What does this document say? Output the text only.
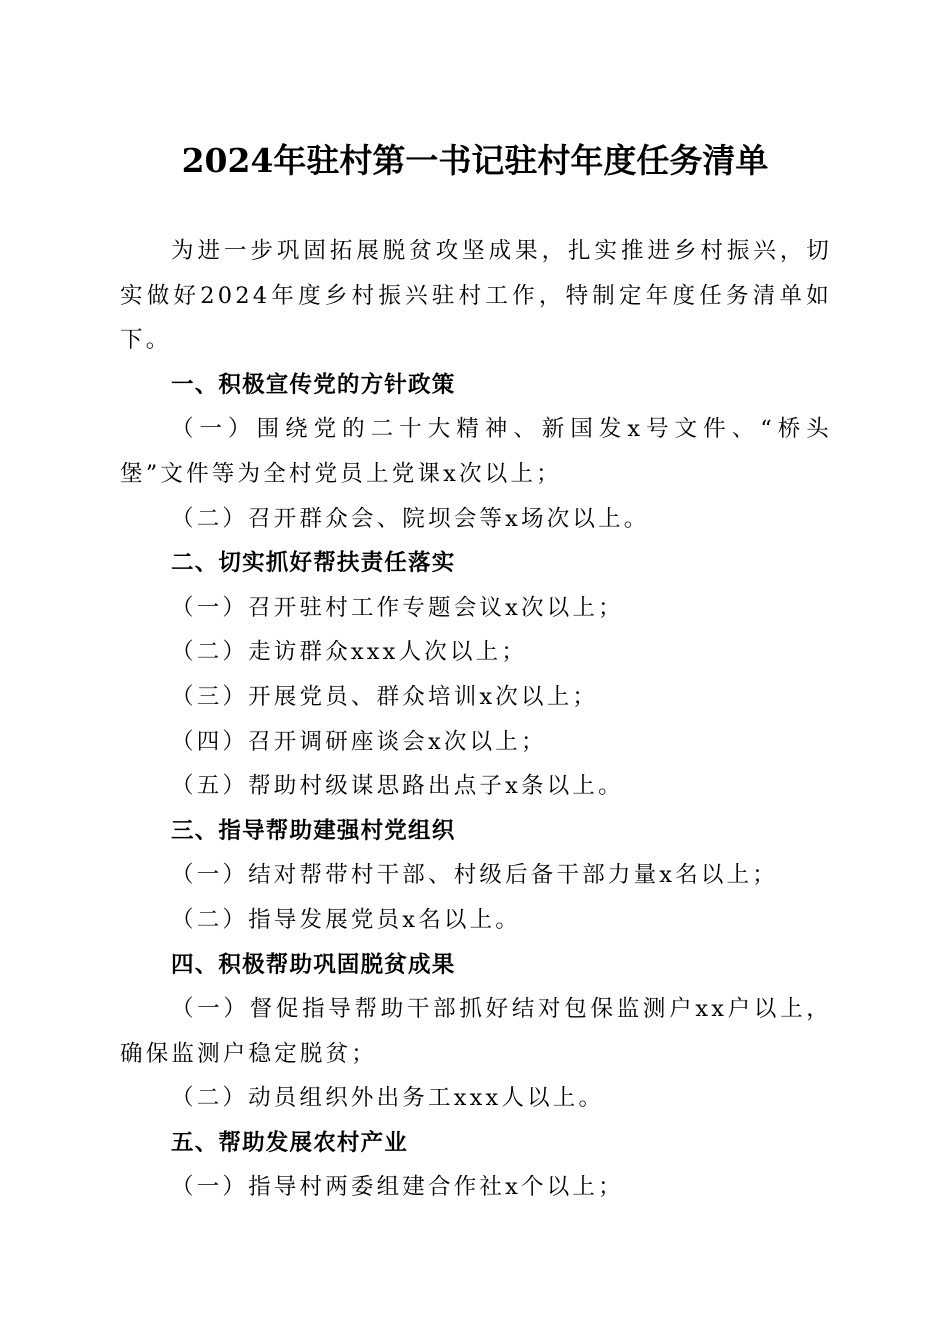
2024年驻村第一书记驻村年度任务清单

为进一步巩固拓展脱贫攻坚成果，扎实推进乡村振兴，切实做好2024年度乡村振兴驻村工作，特制定年度任务清单如下。

一、积极宣传党的方针政策

（一）围绕党的二十大精神、新国发x号文件、“桥头堡”文件等为全村党员上党课x次以上；

（二）召开群众会、院坝会等x场次以上。

二、切实抓好帮扶责任落实

（一）召开驻村工作专题会议x次以上；

（二）走访群众xxx人次以上；

（三）开展党员、群众培训x次以上；

（四）召开调研座谈会x次以上；

（五）帮助村级谋思路出点子x条以上。

三、指导帮助建强村党组织

（一）结对帮带村干部、村级后备干部力量x名以上；

（二）指导发展党员x名以上。

四、积极帮助巩固脱贫成果

（一）督促指导帮助干部抓好结对包保监测户xx户以上，确保监测户稳定脱贫；

（二）动员组织外出务工xxx人以上。

五、帮助发展农村产业

（一）指导村两委组建合作社x个以上；
